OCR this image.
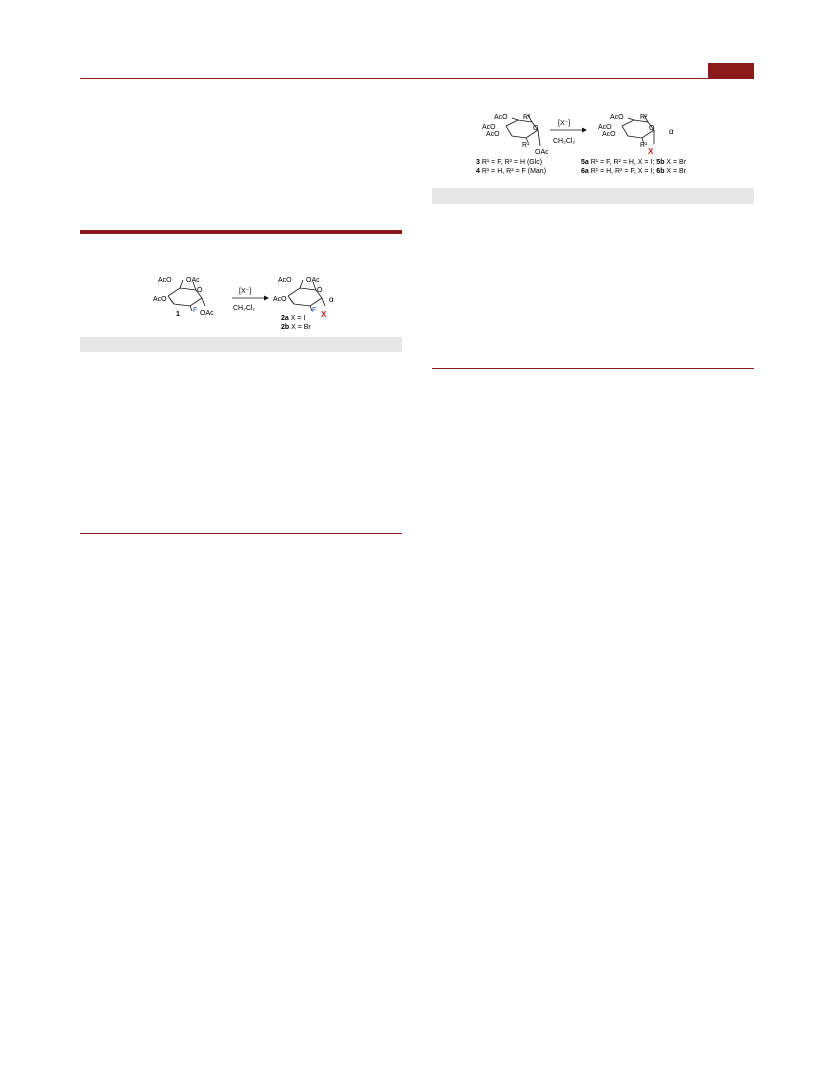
AcO OAc
AcO
O
F OAc
1
[X⁻]
CH₂Cl₂
AcO OAc
AcO
O
α
F X
2a X = I
2b X = Br
AcO
AcO
AcO
R²
O
R¹
OAc
[X⁻]
CH₂Cl₂
AcO
AcO
AcO
R²
O α
R¹
X
3 R¹ = F, R² = H (Glc)
4 R¹ = H, R² = F (Man)
5a R¹ = F, R² = H, X = I; 5b X = Br
6a R¹ = H, R² = F, X = I; 6b X = Br
